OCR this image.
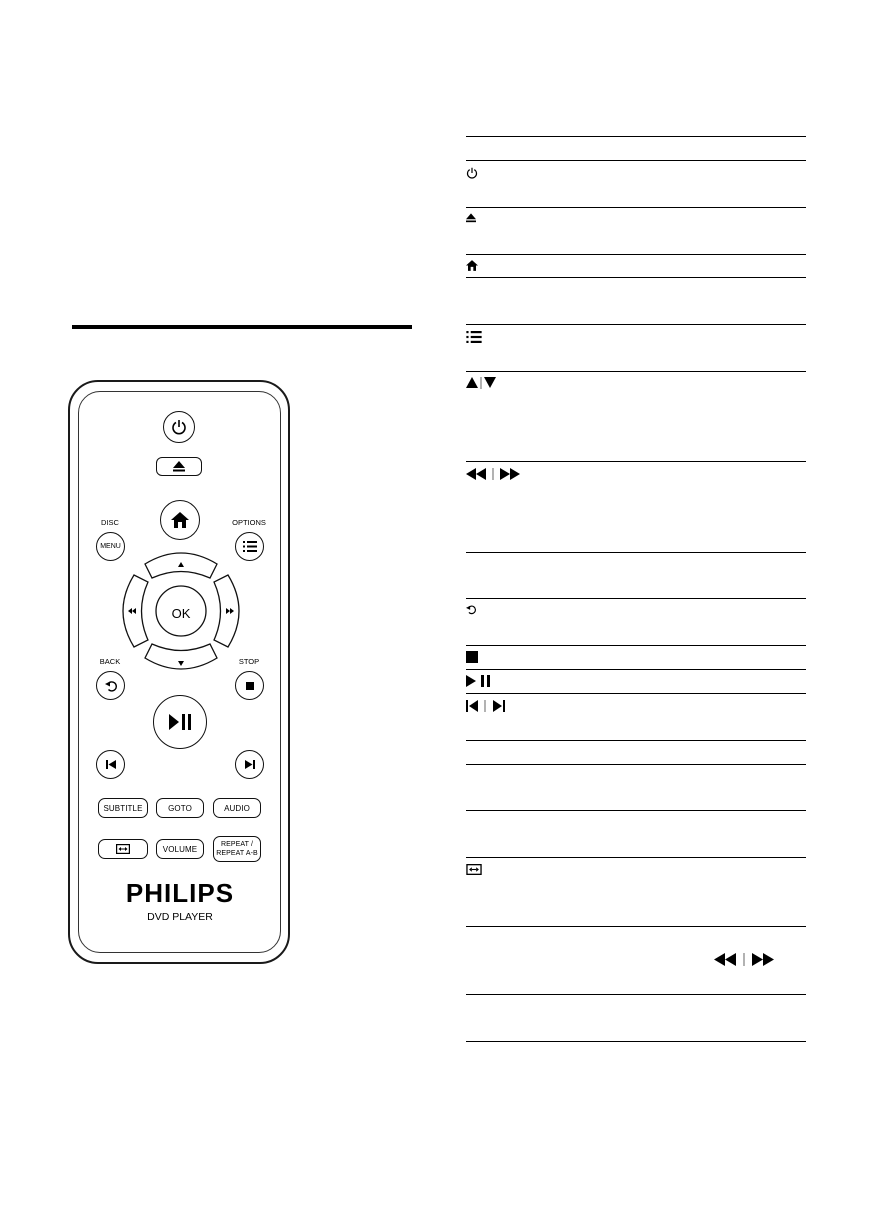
DISC
MENU
OPTIONS
OK
BACK	STOP
SUBTITLE	GOTO	AUDIO
VOLUME	REPEAT /
REPEAT A-B
PHILIPS
DVD PLAYER
